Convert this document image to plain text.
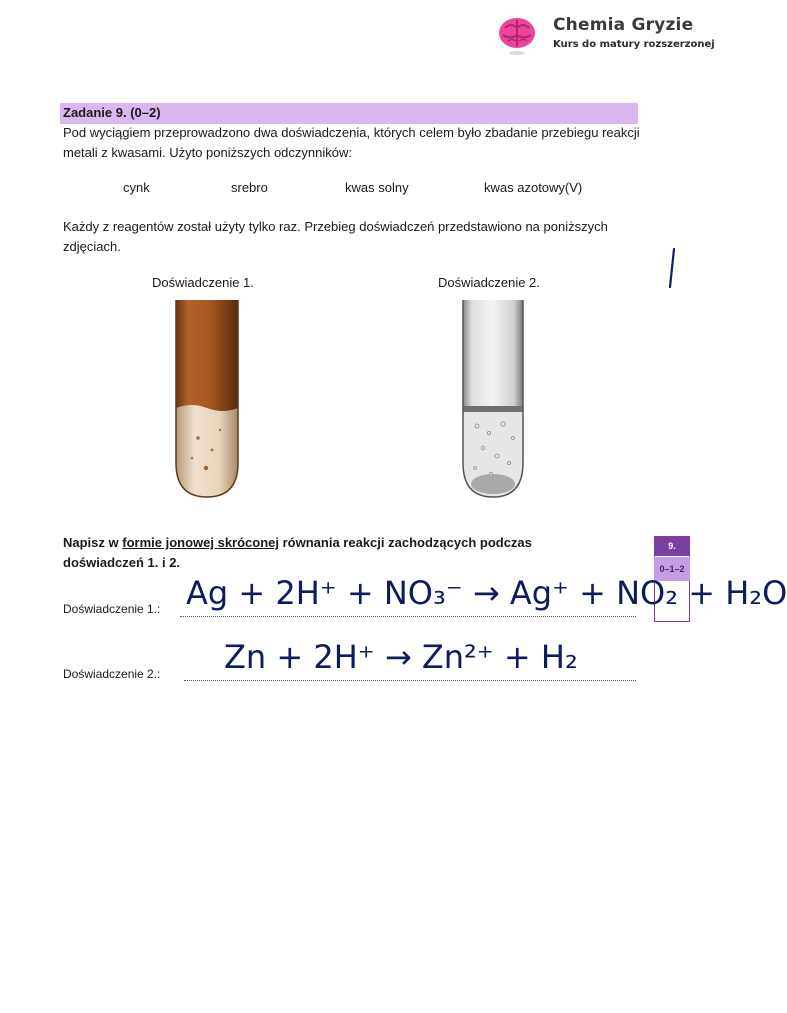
Chemia Gryzie
Kurs do matury rozszerzonej
Zadanie 9. (0–2)
Pod wyciągiem przeprowadzono dwa doświadczenia, których celem było zbadanie przebiegu reakcji metali z kwasami. Użyto poniższych odczynników:
cynk	srebro	kwas solny	kwas azotowy(V)
Każdy z reagentów został użyty tylko raz. Przebieg doświadczeń przedstawiono na poniższych zdjęciach.
Doświadczenie 1.	Doświadczenie 2.
Napisz w formie jonowej skróconej równania reakcji zachodzących podczas doświadczeń 1. i 2.
9.
0–1–2
Doświadczenie 1.: Ag + 2H⁺ + NO₃⁻ → Ag⁺ + NO₂ + H₂O
Doświadczenie 2.: Zn + 2H⁺ → Zn²⁺ + H₂
